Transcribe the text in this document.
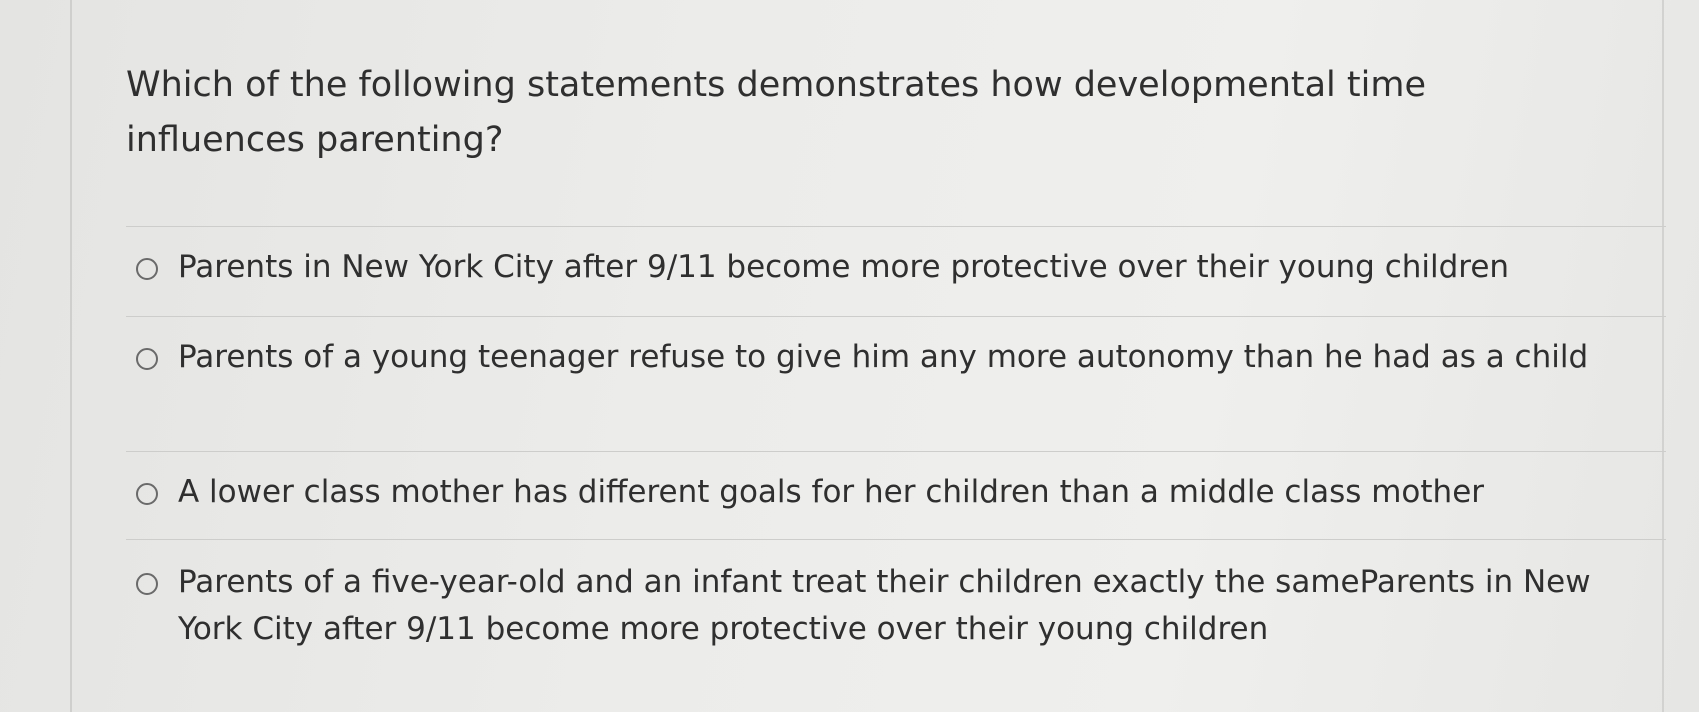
Which of the following statements demonstrates how developmental time influences parenting?

Parents in New York City after 9/11 become more protective over their young children
Parents of a young teenager refuse to give him any more autonomy than he had as a child
A lower class mother has different goals for her children than a middle class mother
Parents of a five-year-old and an infant treat their children exactly the sameParents in New York City after 9/11 become more protective over their young children
